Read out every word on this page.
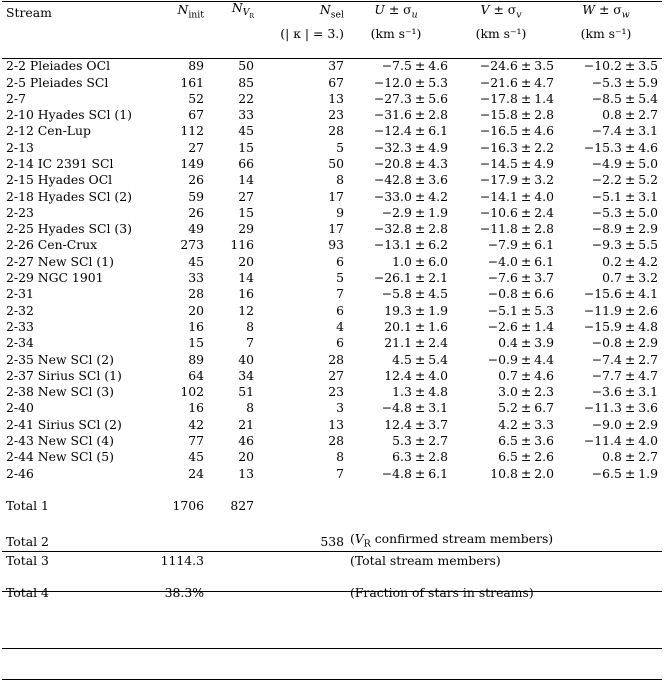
Stream	$N_{init}$	$N_{V_R}$	$N_{sel}$	$\overline{U} \pm \sigma_u$	$\overline{V} \pm \sigma_v$	$\overline{W} \pm \sigma_w$
			(| κ | = 3.)	(km s⁻¹)	(km s⁻¹)	(km s⁻¹)

2-2 Pleiades OCl	89	50	37	−7.5 ± 4.6	−24.6 ± 3.5	−10.2 ± 3.5
2-5 Pleiades SCl	161	85	67	−12.0 ± 5.3	−21.6 ± 4.7	−5.3 ± 5.9
2-7	52	22	13	−27.3 ± 5.6	−17.8 ± 1.4	−8.5 ± 5.4
2-10 Hyades SCl (1)	67	33	23	−31.6 ± 2.8	−15.8 ± 2.8	0.8 ± 2.7
2-12 Cen-Lup	112	45	28	−12.4 ± 6.1	−16.5 ± 4.6	−7.4 ± 3.1
2-13	27	15	5	−32.3 ± 4.9	−16.3 ± 2.2	−15.3 ± 4.6
2-14 IC 2391 SCl	149	66	50	−20.8 ± 4.3	−14.5 ± 4.9	−4.9 ± 5.0
2-15 Hyades OCl	26	14	8	−42.8 ± 3.6	−17.9 ± 3.2	−2.2 ± 5.2
2-18 Hyades SCl (2)	59	27	17	−33.0 ± 4.2	−14.1 ± 4.0	−5.1 ± 3.1
2-23	26	15	9	−2.9 ± 1.9	−10.6 ± 2.4	−5.3 ± 5.0
2-25 Hyades SCl (3)	49	29	17	−32.8 ± 2.8	−11.8 ± 2.8	−8.9 ± 2.9
2-26 Cen-Crux	273	116	93	−13.1 ± 6.2	−7.9 ± 6.1	−9.3 ± 5.5
2-27 New SCl (1)	45	20	6	1.0 ± 6.0	−4.0 ± 6.1	0.2 ± 4.2
2-29 NGC 1901	33	14	5	−26.1 ± 2.1	−7.6 ± 3.7	0.7 ± 3.2
2-31	28	16	7	−5.8 ± 4.5	−0.8 ± 6.6	−15.6 ± 4.1
2-32	20	12	6	19.3 ± 1.9	−5.1 ± 5.3	−11.9 ± 2.6
2-33	16	8	4	20.1 ± 1.6	−2.6 ± 1.4	−15.9 ± 4.8
2-34	15	7	6	21.1 ± 2.4	0.4 ± 3.9	−0.8 ± 2.9
2-35 New SCl (2)	89	40	28	4.5 ± 5.4	−0.9 ± 4.4	−7.4 ± 2.7
2-37 Sirius SCl (1)	64	34	27	12.4 ± 4.0	0.7 ± 4.6	−7.7 ± 4.7
2-38 New SCl (3)	102	51	23	1.3 ± 4.8	3.0 ± 2.3	−3.6 ± 3.1
2-40	16	8	3	−4.8 ± 3.1	5.2 ± 6.7	−11.3 ± 3.6
2-41 Sirius SCl (2)	42	21	13	12.4 ± 3.7	4.2 ± 3.3	−9.0 ± 2.9
2-43 New SCl (4)	77	46	28	5.3 ± 2.7	6.5 ± 3.6	−11.4 ± 4.0
2-44 New SCl (5)	45	20	8	6.3 ± 2.8	6.5 ± 2.6	0.8 ± 2.7
2-46	24	13	7	−4.8 ± 6.1	10.8 ± 2.0	−6.5 ± 1.9

Total 1	1706	827				

Total 2			538	($V_R$ confirmed stream members)		
Total 3	1114.3			(Total stream members)		

Total 4	38.3%			(Fraction of stars in streams)		
